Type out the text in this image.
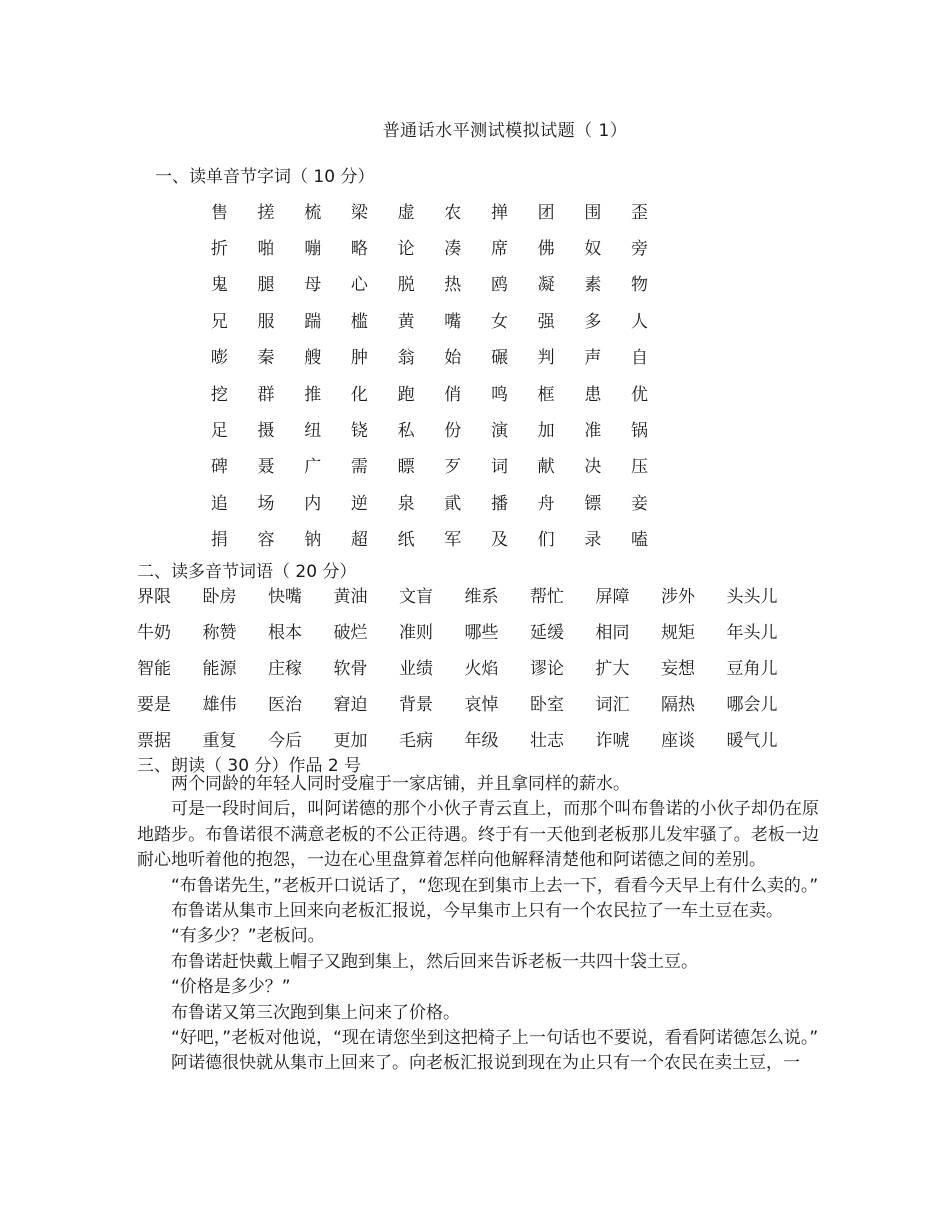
普通话水平测试模拟试题（ 1）
一、读单音节字词（ 10 分）
售	搓	梳	梁	虚	农	掸	团	围	歪
折	啪	嘣	略	论	凑	席	佛	奴	旁
鬼	腿	母	心	脱	热	鸥	凝	素	物
兄	服	踹	槛	黄	嘴	女	强	多	人
嘭	秦	艘	肿	翁	始	碾	判	声	自
挖	群	推	化	跑	俏	鸣	框	患	优
足	摄	纽	铙	私	份	演	加	准	锅
碑	聂	广	需	瞟	歹	词	献	决	压
追	场	内	逆	泉	貮	播	舟	镖	妾
捐	容	钠	超	纸	军	及	们	录	嗑
二、读多音节词语（ 20 分）
界限	卧房	快嘴	黄油	文盲	维系	帮忙	屏障	涉外	头头儿
牛奶	称赞	根本	破烂	准则	哪些	延缓	相同	规矩	年头儿
智能	能源	庄稼	软骨	业绩	火焰	谬论	扩大	妄想	豆角儿
要是	雄伟	医治	窘迫	背景	哀悼	卧室	词汇	隔热	哪会儿
票据	重复	今后	更加	毛病	年级	壮志	诈唬	座谈	暖气儿
三、朗读（ 30 分）作品 2 号

两个同龄的年轻人同时受雇于一家店铺，并且拿同样的薪水。

可是一段时间后，叫阿诺德的那个小伙子青云直上，而那个叫布鲁诺的小伙子却仍在原地踏步。布鲁诺很不满意老板的不公正待遇。终于有一天他到老板那儿发牢骚了。老板一边耐心地听着他的抱怨，一边在心里盘算着怎样向他解释清楚他和阿诺德之间的差别。

“布鲁诺先生，”老板开口说话了，“您现在到集市上去一下，看看今天早上有什么卖的。”

布鲁诺从集市上回来向老板汇报说，今早集市上只有一个农民拉了一车土豆在卖。

“有多少？”老板问。

布鲁诺赶快戴上帽子又跑到集上，然后回来告诉老板一共四十袋土豆。

“价格是多少？”

布鲁诺又第三次跑到集上问来了价格。

“好吧，”老板对他说，“现在请您坐到这把椅子上一句话也不要说，看看阿诺德怎么说。”

阿诺德很快就从集市上回来了。向老板汇报说到现在为止只有一个农民在卖土豆，一
